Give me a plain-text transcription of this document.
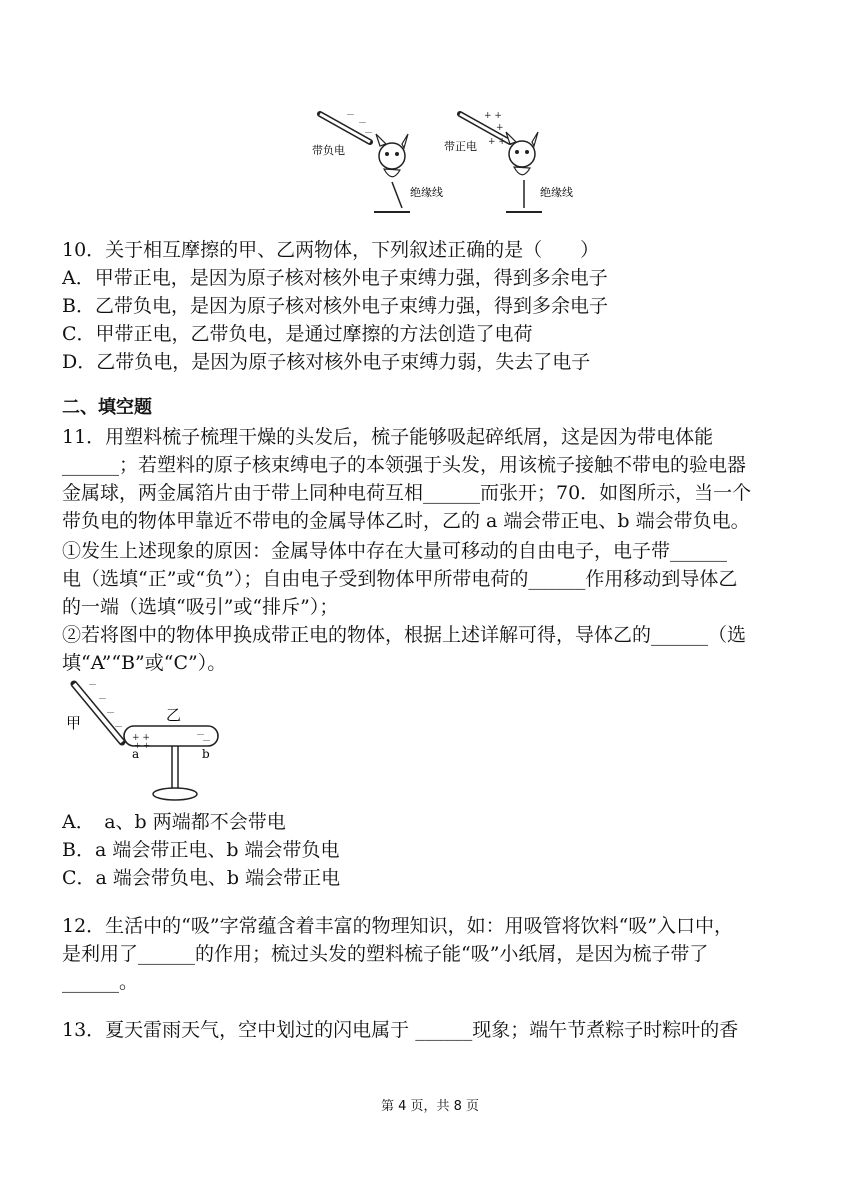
－
－
－
带负电
绝缘线
+ +
+
+ +
带正电
绝缘线
10．关于相互摩擦的甲、乙两物体，下列叙述正确的是（　　）
A．甲带正电，是因为原子核对核外电子束缚力强，得到多余电子
B．乙带负电，是因为原子核对核外电子束缚力强，得到多余电子
C．甲带正电，乙带负电，是通过摩擦的方法创造了电荷
D．乙带负电，是因为原子核对核外电子束缚力弱，失去了电子
二、填空题
11．用塑料梳子梳理干燥的头发后，梳子能够吸起碎纸屑，这是因为带电体能
______；若塑料的原子核束缚电子的本领强于头发，用该梳子接触不带电的验电器
金属球，两金属箔片由于带上同种电荷互相______而张开；70．如图所示，当一个
带负电的物体甲靠近不带电的金属导体乙时，乙的 a 端会带正电、b 端会带负电。
①发生上述现象的原因：金属导体中存在大量可移动的自由电子，电子带______
电（选填“正”或“负”）；自由电子受到物体甲所带电荷的______作用移动到导体乙
的一端（选填“吸引”或“排斥”）；
②若将图中的物体甲换成带正电的物体，根据上述详解可得，导体乙的______（选
填“A”“B”或“C”）。
－
－
－
－
甲
+ +
+ +
－
－
乙
a	b
A．　a、b 两端都不会带电
B．a 端会带正电、b 端会带负电
C．a 端会带负电、b 端会带正电
12．生活中的“吸”字常蕴含着丰富的物理知识，如：用吸管将饮料“吸”入口中，
是利用了______的作用；梳过头发的塑料梳子能“吸”小纸屑，是因为梳子带了
______。
13．夏天雷雨天气，空中划过的闪电属于 ______现象；端午节煮粽子时粽叶的香
第 4 页，共 8 页
